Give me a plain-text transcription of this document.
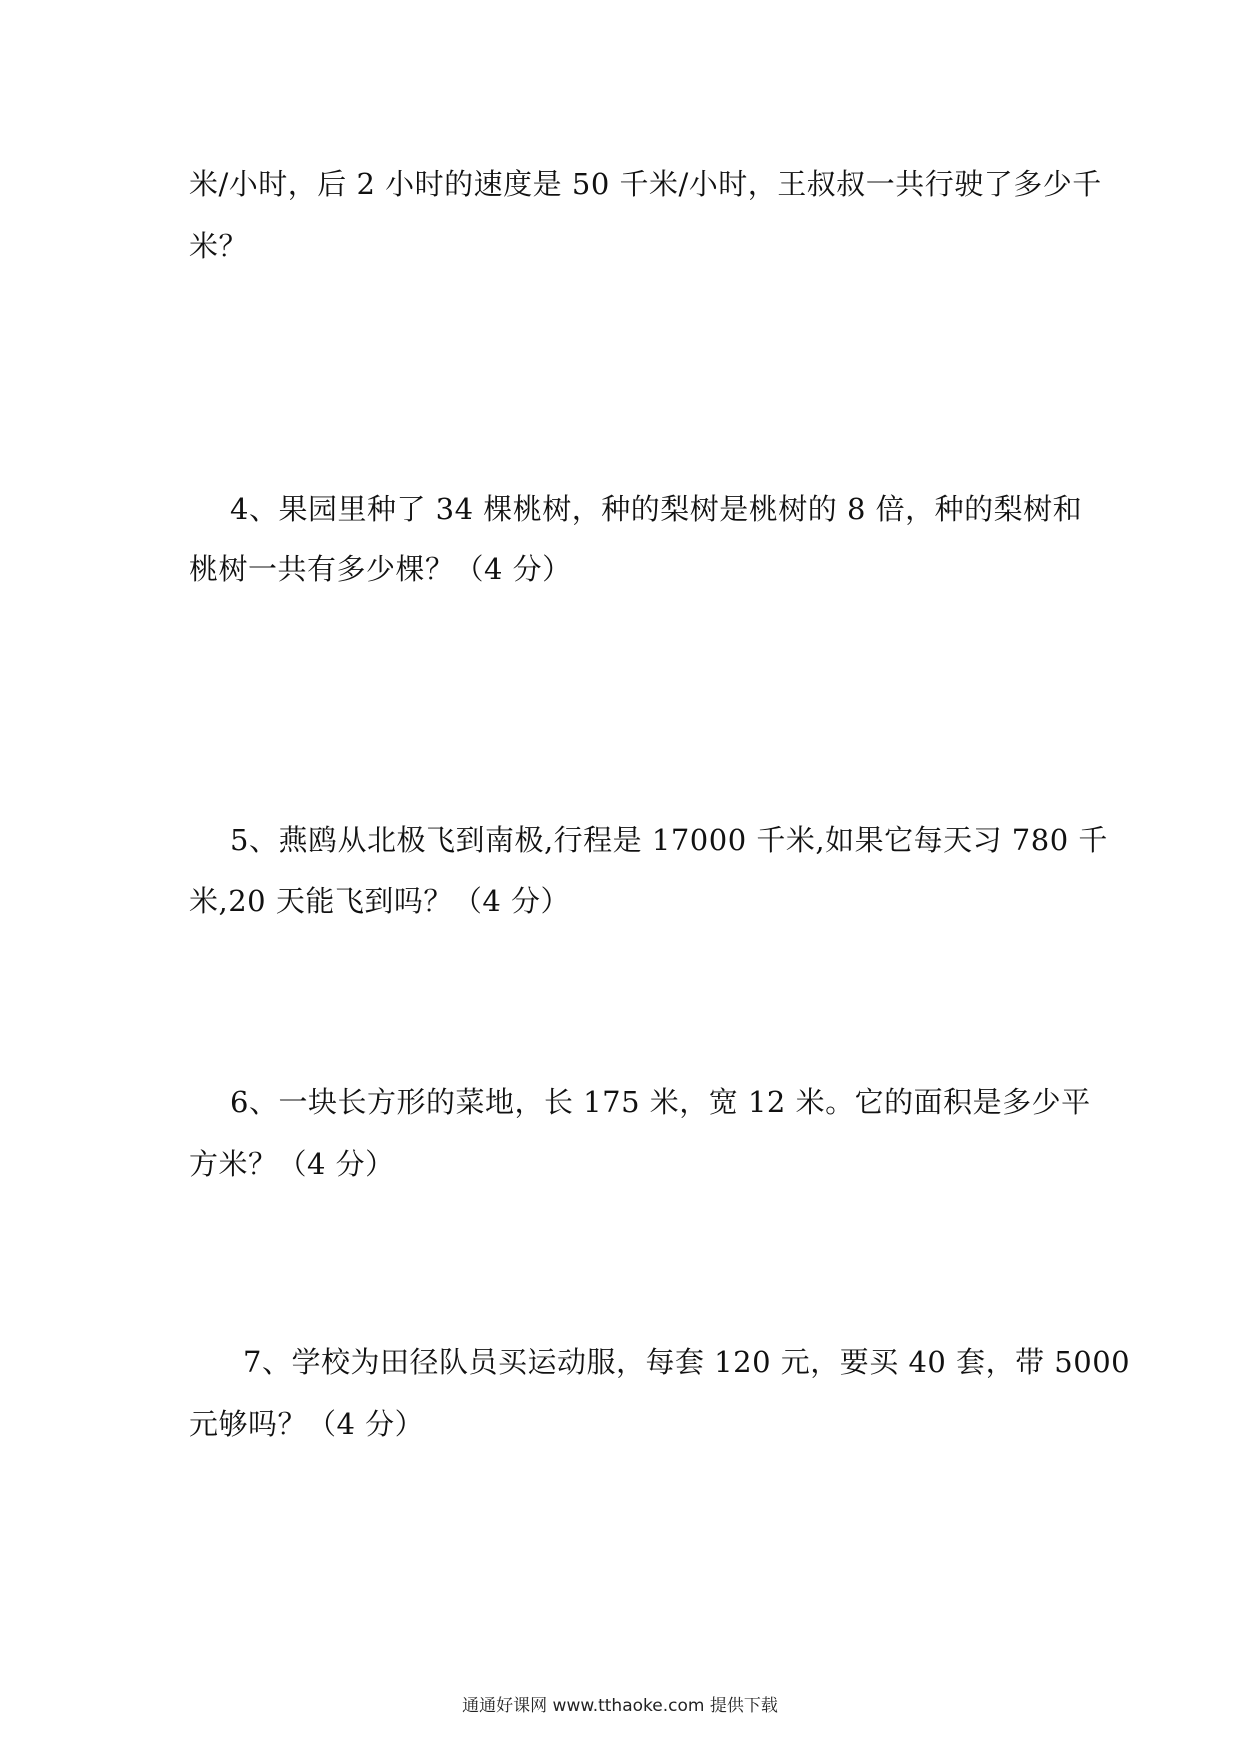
米/小时，后 2 小时的速度是 50 千米/小时，王叔叔一共行驶了多少千
米？
4、果园里种了 34 棵桃树，种的梨树是桃树的 8 倍，种的梨树和
桃树一共有多少棵？（4 分）
5、燕鸥从北极飞到南极,行程是 17000 千米,如果它每天习 780 千
米,20 天能飞到吗？（4 分）
6、一块长方形的菜地，长 175 米，宽 12 米。它的面积是多少平
方米？（4 分）
7、学校为田径队员买运动服，每套 120 元，要买 40 套，带 5000
元够吗？（4 分）
通通好课网 www.tthaoke.com 提供下载
